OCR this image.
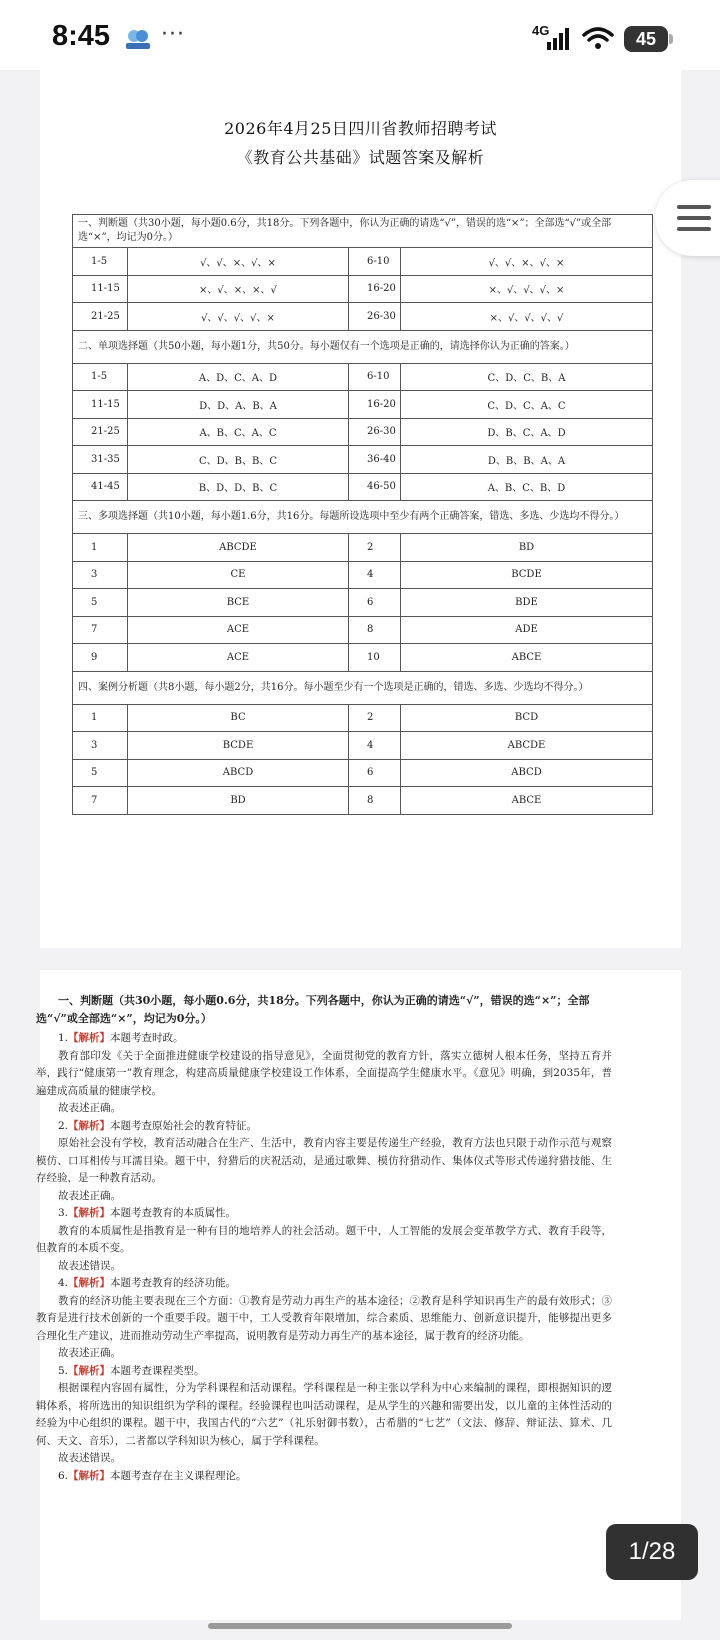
8:45 ···	4G	45
2026年4月25日四川省教师招聘考试
《教育公共基础》试题答案及解析
一、判断题（共30小题，每小题0.6分，共18分。下列各题中，你认为正确的请选“√”，错误的选“×”；全部选“√”或全部选“×”，均记为0分。）			
1-5	√、√、×、√、×	6-10	√、√、×、√、×
11-15	×、√、×、×、√	16-20	×、√、√、√、×
21-25	√、√、√、√、×	26-30	×、√、√、√、√
二、单项选择题（共50小题，每小题1分，共50分。每小题仅有一个选项是正确的，请选择你认为正确的答案。）			
1-5	A、D、C、A、D	6-10	C、D、C、B、A
11-15	D、D、A、B、A	16-20	C、D、C、A、C
21-25	A、B、C、A、C	26-30	D、B、C、A、D
31-35	C、D、B、B、C	36-40	D、B、B、A、A
41-45	B、D、D、B、C	46-50	A、B、C、B、D
三、多项选择题（共10小题，每小题1.6分，共16分。每题所设选项中至少有两个正确答案，错选、多选、少选均不得分。）			
1	ABCDE	2	BD
3	CE	4	BCDE
5	BCE	6	BDE
7	ACE	8	ADE
9	ACE	10	ABCE
四、案例分析题（共8小题，每小题2分，共16分。每小题至少有一个选项是正确的，错选、多选、少选均不得分。）			
1	BC	2	BCD
3	BCDE	4	ABCDE
5	ABCD	6	ABCD
7	BD	8	ABCE
一、判断题（共30小题，每小题0.6分，共18分。下列各题中，你认为正确的请选“√”，错误的选“×”；全部选“√”或全部选“×”，均记为0分。）

1.【解析】本题考查时政。

教育部印发《关于全面推进健康学校建设的指导意见》，全面贯彻党的教育方针，落实立德树人根本任务，坚持五育并举，践行“健康第一”教育理念，构建高质量健康学校建设工作体系，全面提高学生健康水平。《意见》明确，到2035年，普遍建成高质量的健康学校。

故表述正确。

2.【解析】本题考查原始社会的教育特征。

原始社会没有学校，教育活动融合在生产、生活中，教育内容主要是传递生产经验，教育方法也只限于动作示范与观察模仿、口耳相传与耳濡目染。题干中，狩猎后的庆祝活动，是通过歌舞、模仿狩猎动作、集体仪式等形式传递狩猎技能、生存经验，是一种教育活动。

故表述正确。

3.【解析】本题考查教育的本质属性。

教育的本质属性是指教育是一种有目的地培养人的社会活动。题干中，人工智能的发展会变革教学方式、教育手段等，但教育的本质不变。

故表述错误。

4.【解析】本题考查教育的经济功能。

教育的经济功能主要表现在三个方面：①教育是劳动力再生产的基本途径；②教育是科学知识再生产的最有效形式；③教育是进行技术创新的一个重要手段。题干中，工人受教育年限增加，综合素质、思维能力、创新意识提升，能够提出更多合理化生产建议，进而推动劳动生产率提高，说明教育是劳动力再生产的基本途径，属于教育的经济功能。

故表述正确。

5.【解析】本题考查课程类型。

根据课程内容固有属性，分为学科课程和活动课程。学科课程是一种主张以学科为中心来编制的课程，即根据知识的逻辑体系，将所选出的知识组织为学科的课程。经验课程也叫活动课程，是从学生的兴趣和需要出发，以儿童的主体性活动的经验为中心组织的课程。题干中，我国古代的“六艺”（礼乐射御书数），古希腊的“七艺”（文法、修辞、辩证法、算术、几何、天文、音乐），二者都以学科知识为核心，属于学科课程。

故表述错误。

6.【解析】本题考查存在主义课程理论。

1/28
